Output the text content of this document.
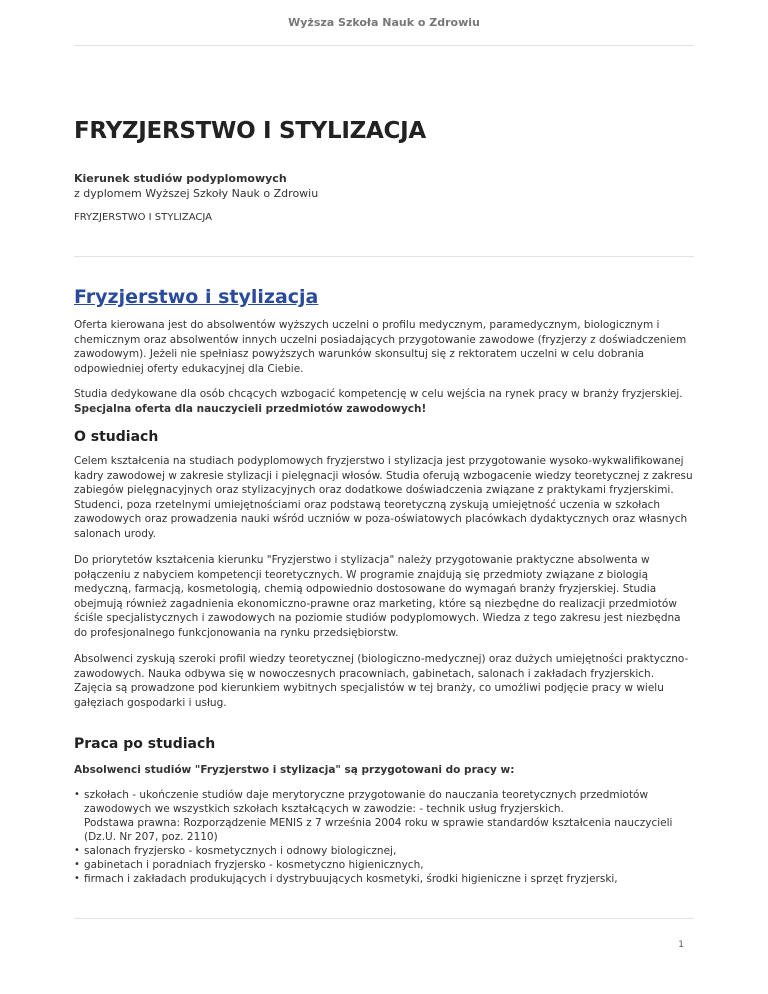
Wyższa Szkoła Nauk o Zdrowiu
FRYZJERSTWO I STYLIZACJA
Kierunek studiów podyplomowych
z dyplomem Wyższej Szkoły Nauk o Zdrowiu
FRYZJERSTWO I STYLIZACJA
Fryzjerstwo i stylizacja

Oferta kierowana jest do absolwentów wyższych uczelni o profilu medycznym, paramedycznym, biologicznym i chemicznym oraz absolwentów innych uczelni posiadających przygotowanie zawodowe (fryzjerzy z doświadczeniem zawodowym). Jeżeli nie spełniasz powyższych warunków skonsultuj się z rektoratem uczelni w celu dobrania odpowiedniej oferty edukacyjnej dla Ciebie.

Studia dedykowane dla osób chcących wzbogacić kompetencję w celu wejścia na rynek pracy w branży fryzjerskiej.
Specjalna oferta dla nauczycieli przedmiotów zawodowych!

O studiach

Celem kształcenia na studiach podyplomowych fryzjerstwo i stylizacja jest przygotowanie wysoko-wykwalifikowanej kadry zawodowej w zakresie stylizacji i pielęgnacji włosów. Studia oferują wzbogacenie wiedzy teoretycznej z zakresu zabiegów pielęgnacyjnych oraz stylizacyjnych oraz dodatkowe doświadczenia związane z praktykami fryzjerskimi. Studenci, poza rzetelnymi umiejętnościami oraz podstawą teoretyczną zyskują umiejętność uczenia w szkołach zawodowych oraz prowadzenia nauki wśród uczniów w poza-oświatowych placówkach dydaktycznych oraz własnych salonach urody.

Do priorytetów kształcenia kierunku "Fryzjerstwo i stylizacja" należy przygotowanie praktyczne absolwenta w połączeniu z nabyciem kompetencji teoretycznych. W programie znajdują się przedmioty związane z biologią medyczną, farmacją, kosmetologią, chemią odpowiednio dostosowane do wymagań branży fryzjerskiej. Studia obejmują również zagadnienia ekonomiczno-prawne oraz marketing, które są niezbędne do realizacji przedmiotów ściśle specjalistycznych i zawodowych na poziomie studiów podyplomowych. Wiedza z tego zakresu jest niezbędna do profesjonalnego funkcjonowania na rynku przedsiębiorstw.

Absolwenci zyskują szeroki profil wiedzy teoretycznej (biologiczno-medycznej) oraz dużych umiejętności praktyczno-zawodowych. Nauka odbywa się w nowoczesnych pracowniach, gabinetach, salonach i zakładach fryzjerskich. Zajęcia są prowadzone pod kierunkiem wybitnych specjalistów w tej branży, co umożliwi podjęcie pracy w wielu gałęziach gospodarki i usług.

Praca po studiach

Absolwenci studiów "Fryzjerstwo i stylizacja" są przygotowani do pracy w:

• szkołach - ukończenie studiów daje merytoryczne przygotowanie do nauczania teoretycznych przedmiotów zawodowych we wszystkich szkołach kształcących w zawodzie: - technik usług fryzjerskich.
Podstawa prawna: Rozporządzenie MENIS z 7 września 2004 roku w sprawie standardów kształcenia nauczycieli (Dz.U. Nr 207, poz. 2110)
• salonach fryzjersko - kosmetycznych i odnowy biologicznej,
• gabinetach i poradniach fryzjersko - kosmetyczno higienicznych,
• firmach i zakładach produkujących i dystrybuujących kosmetyki, środki higieniczne i sprzęt fryzjerski,
1
